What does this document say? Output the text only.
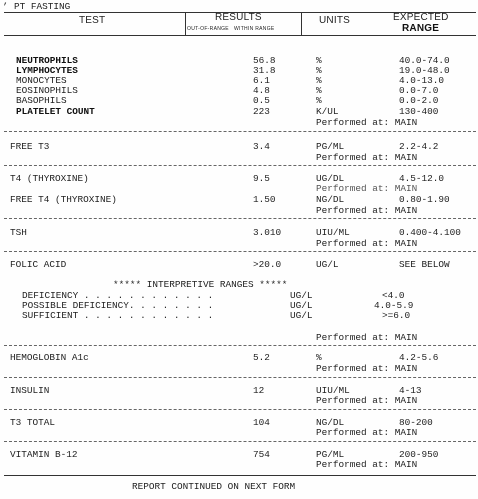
, PT FASTING
TEST	RESULTS
OUT-OF-RANGE   WITHIN RANGE
UNITS	EXPECTED
RANGE
NEUTROPHILS	56.8	%	40.0-74.0
LYMPHOCYTES	31.8	%	19.0-48.0
MONOCYTES	6.1	%	4.0-13.0
EOSINOPHILS	4.8	%	0.0-7.0
BASOPHILS	0.5	%	0.0-2.0
PLATELET COUNT	223	K/UL	130-400
Performed at: MAIN
FREE T3	3.4	PG/ML	2.2-4.2
Performed at: MAIN
T4 (THYROXINE)	9.5	UG/DL	4.5-12.0
Performed at: MAIN
FREE T4 (THYROXINE)	1.50	NG/DL	0.80-1.90
Performed at: MAIN
TSH	3.010	UIU/ML	0.400-4.100
Performed at: MAIN
FOLIC ACID	>20.0	UG/L	SEE BELOW
***** INTERPRETIVE RANGES *****
DEFICIENCY . . . . . . . . . . . .	UG/L	<4.0
POSSIBLE DEFICIENCY. . . . . . . .	UG/L	4.0-5.9
SUFFICIENT . . . . . . . . . . . .	UG/L	>=6.0
Performed at: MAIN
HEMOGLOBIN A1c	5.2	%	4.2-5.6
Performed at: MAIN
INSULIN	12	UIU/ML	4-13
Performed at: MAIN
T3 TOTAL	104	NG/DL	80-200
Performed at: MAIN
VITAMIN B-12	754	PG/ML	200-950
Performed at: MAIN
REPORT CONTINUED ON NEXT FORM
